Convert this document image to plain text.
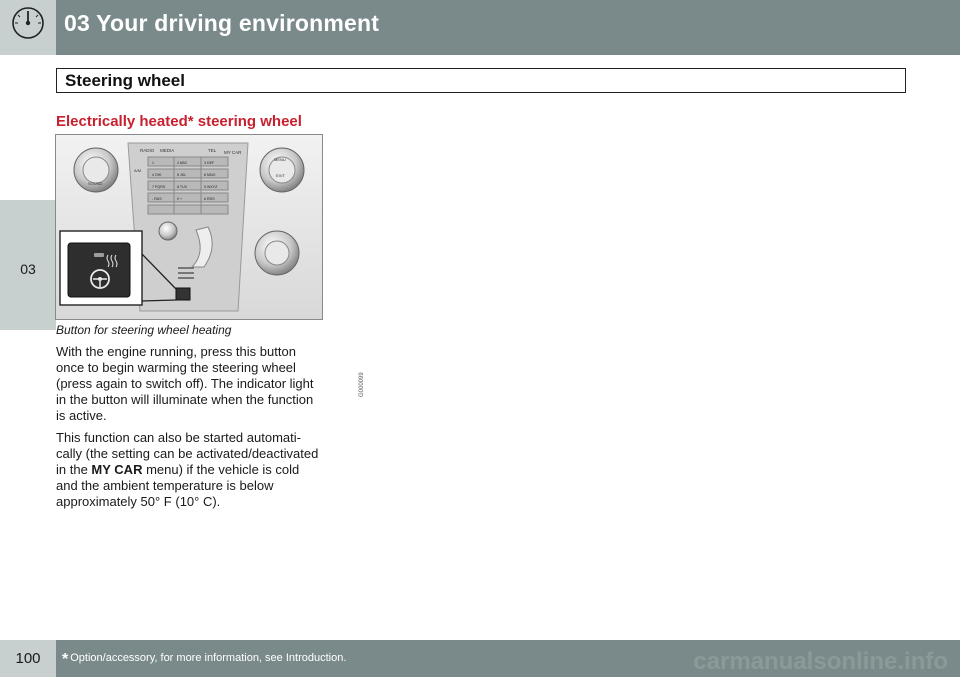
03 Your driving environment
03
Steering wheel
Electrically heated* steering wheel
RADIO MEDIA	TEL MY CAR
A/M
SOUND
MENU
EXIT
1	2 ABC	3 DEF
4 GHI	5 JKL	6 MNO
7 PQRS	8 TUV	9 WXYZ
- RAS	0 +	# RDS
G000099
Button for steering wheel heating
With the engine running, press this button once to begin warming the steering wheel (press again to switch off). The indicator light in the button will illuminate when the function is active.
This function can also be started automati-cally (the setting can be activated/deactivated in the MY CAR menu) if the vehicle is cold and the ambient temperature is below approximately 50° F (10° C).
100	* Option/accessory, for more information, see Introduction.	carmanualsonline.info
